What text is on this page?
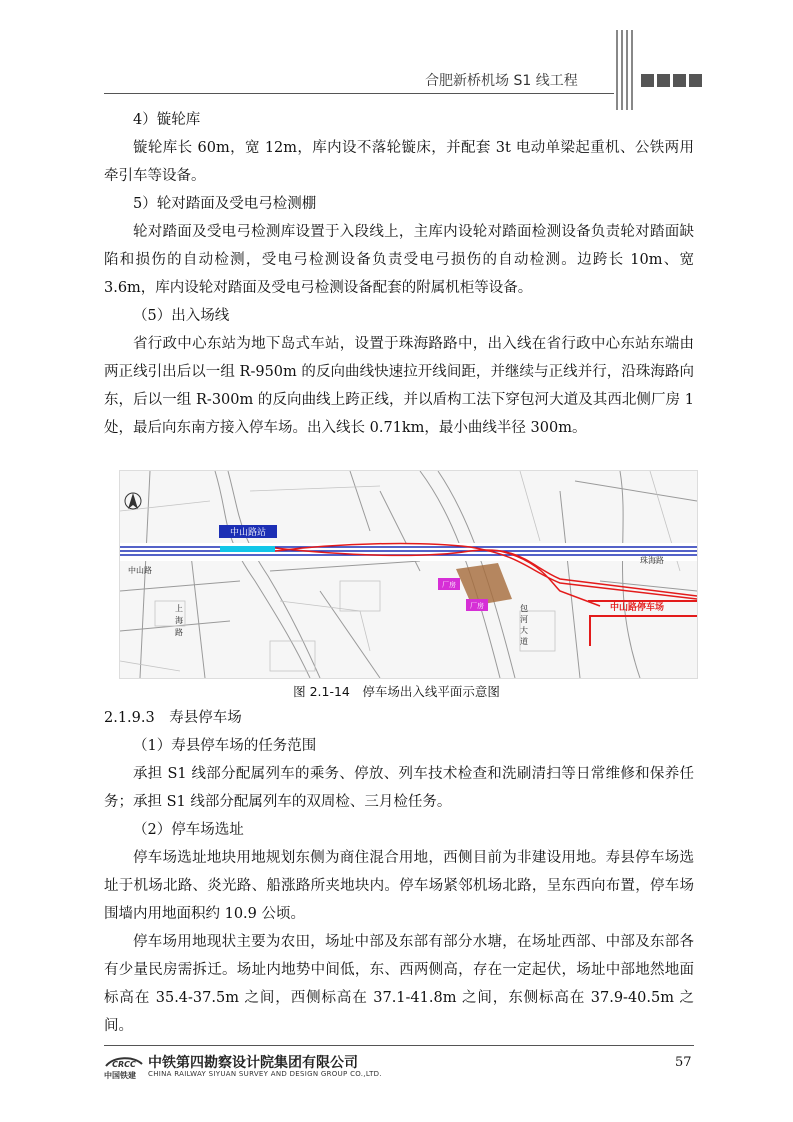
合肥新桥机场 S1 线工程

4）镟轮库

镟轮库长 60m，宽 12m，库内设不落轮镟床，并配套 3t 电动单梁起重机、公铁两用牵引车等设备。

5）轮对踏面及受电弓检测棚

轮对踏面及受电弓检测库设置于入段线上，主库内设轮对踏面检测设备负责轮对踏面缺陷和损伤的自动检测，受电弓检测设备负责受电弓损伤的自动检测。边跨长 10m、宽 3.6m，库内设轮对踏面及受电弓检测设备配套的附属机柜等设备。

（5）出入场线

省行政中心东站为地下岛式车站，设置于珠海路路中，出入线在省行政中心东站东端由两正线引出后以一组 R-950m 的反向曲线快速拉开线间距，并继续与正线并行，沿珠海路向东，后以一组 R-300m 的反向曲线上跨正线，并以盾构工法下穿包河大道及其西北侧厂房 1 处，最后向东南方接入停车场。出入线长 0.71km，最小曲线半径 300m。

中山路站
中山路
珠海路
上海路
包河大道
厂房
厂房	中山路停车场
图 2.1-14　停车场出入线平面示意图

2.1.9.3　寿县停车场

（1）寿县停车场的任务范围

承担 S1 线部分配属列车的乘务、停放、列车技术检查和洗刷清扫等日常维修和保养任务；承担 S1 线部分配属列车的双周检、三月检任务。

（2）停车场选址

停车场选址地块用地规划东侧为商住混合用地，西侧目前为非建设用地。寿县停车场选址于机场北路、炎光路、船涨路所夹地块内。停车场紧邻机场北路，呈东西向布置，停车场围墙内用地面积约 10.9 公顷。

停车场用地现状主要为农田，场址中部及东部有部分水塘，在场址西部、中部及东部各有少量民房需拆迁。场址内地势中间低，东、西两侧高，存在一定起伏，场址中部地然地面标高在 35.4-37.5m 之间，西侧标高在 37.1-41.8m 之间，东侧标高在 37.9-40.5m 之间。

CRCC
中国铁建
中铁第四勘察设计院集团有限公司
CHINA RAILWAY SIYUAN SURVEY AND DESIGN GROUP CO.,LTD.
57
